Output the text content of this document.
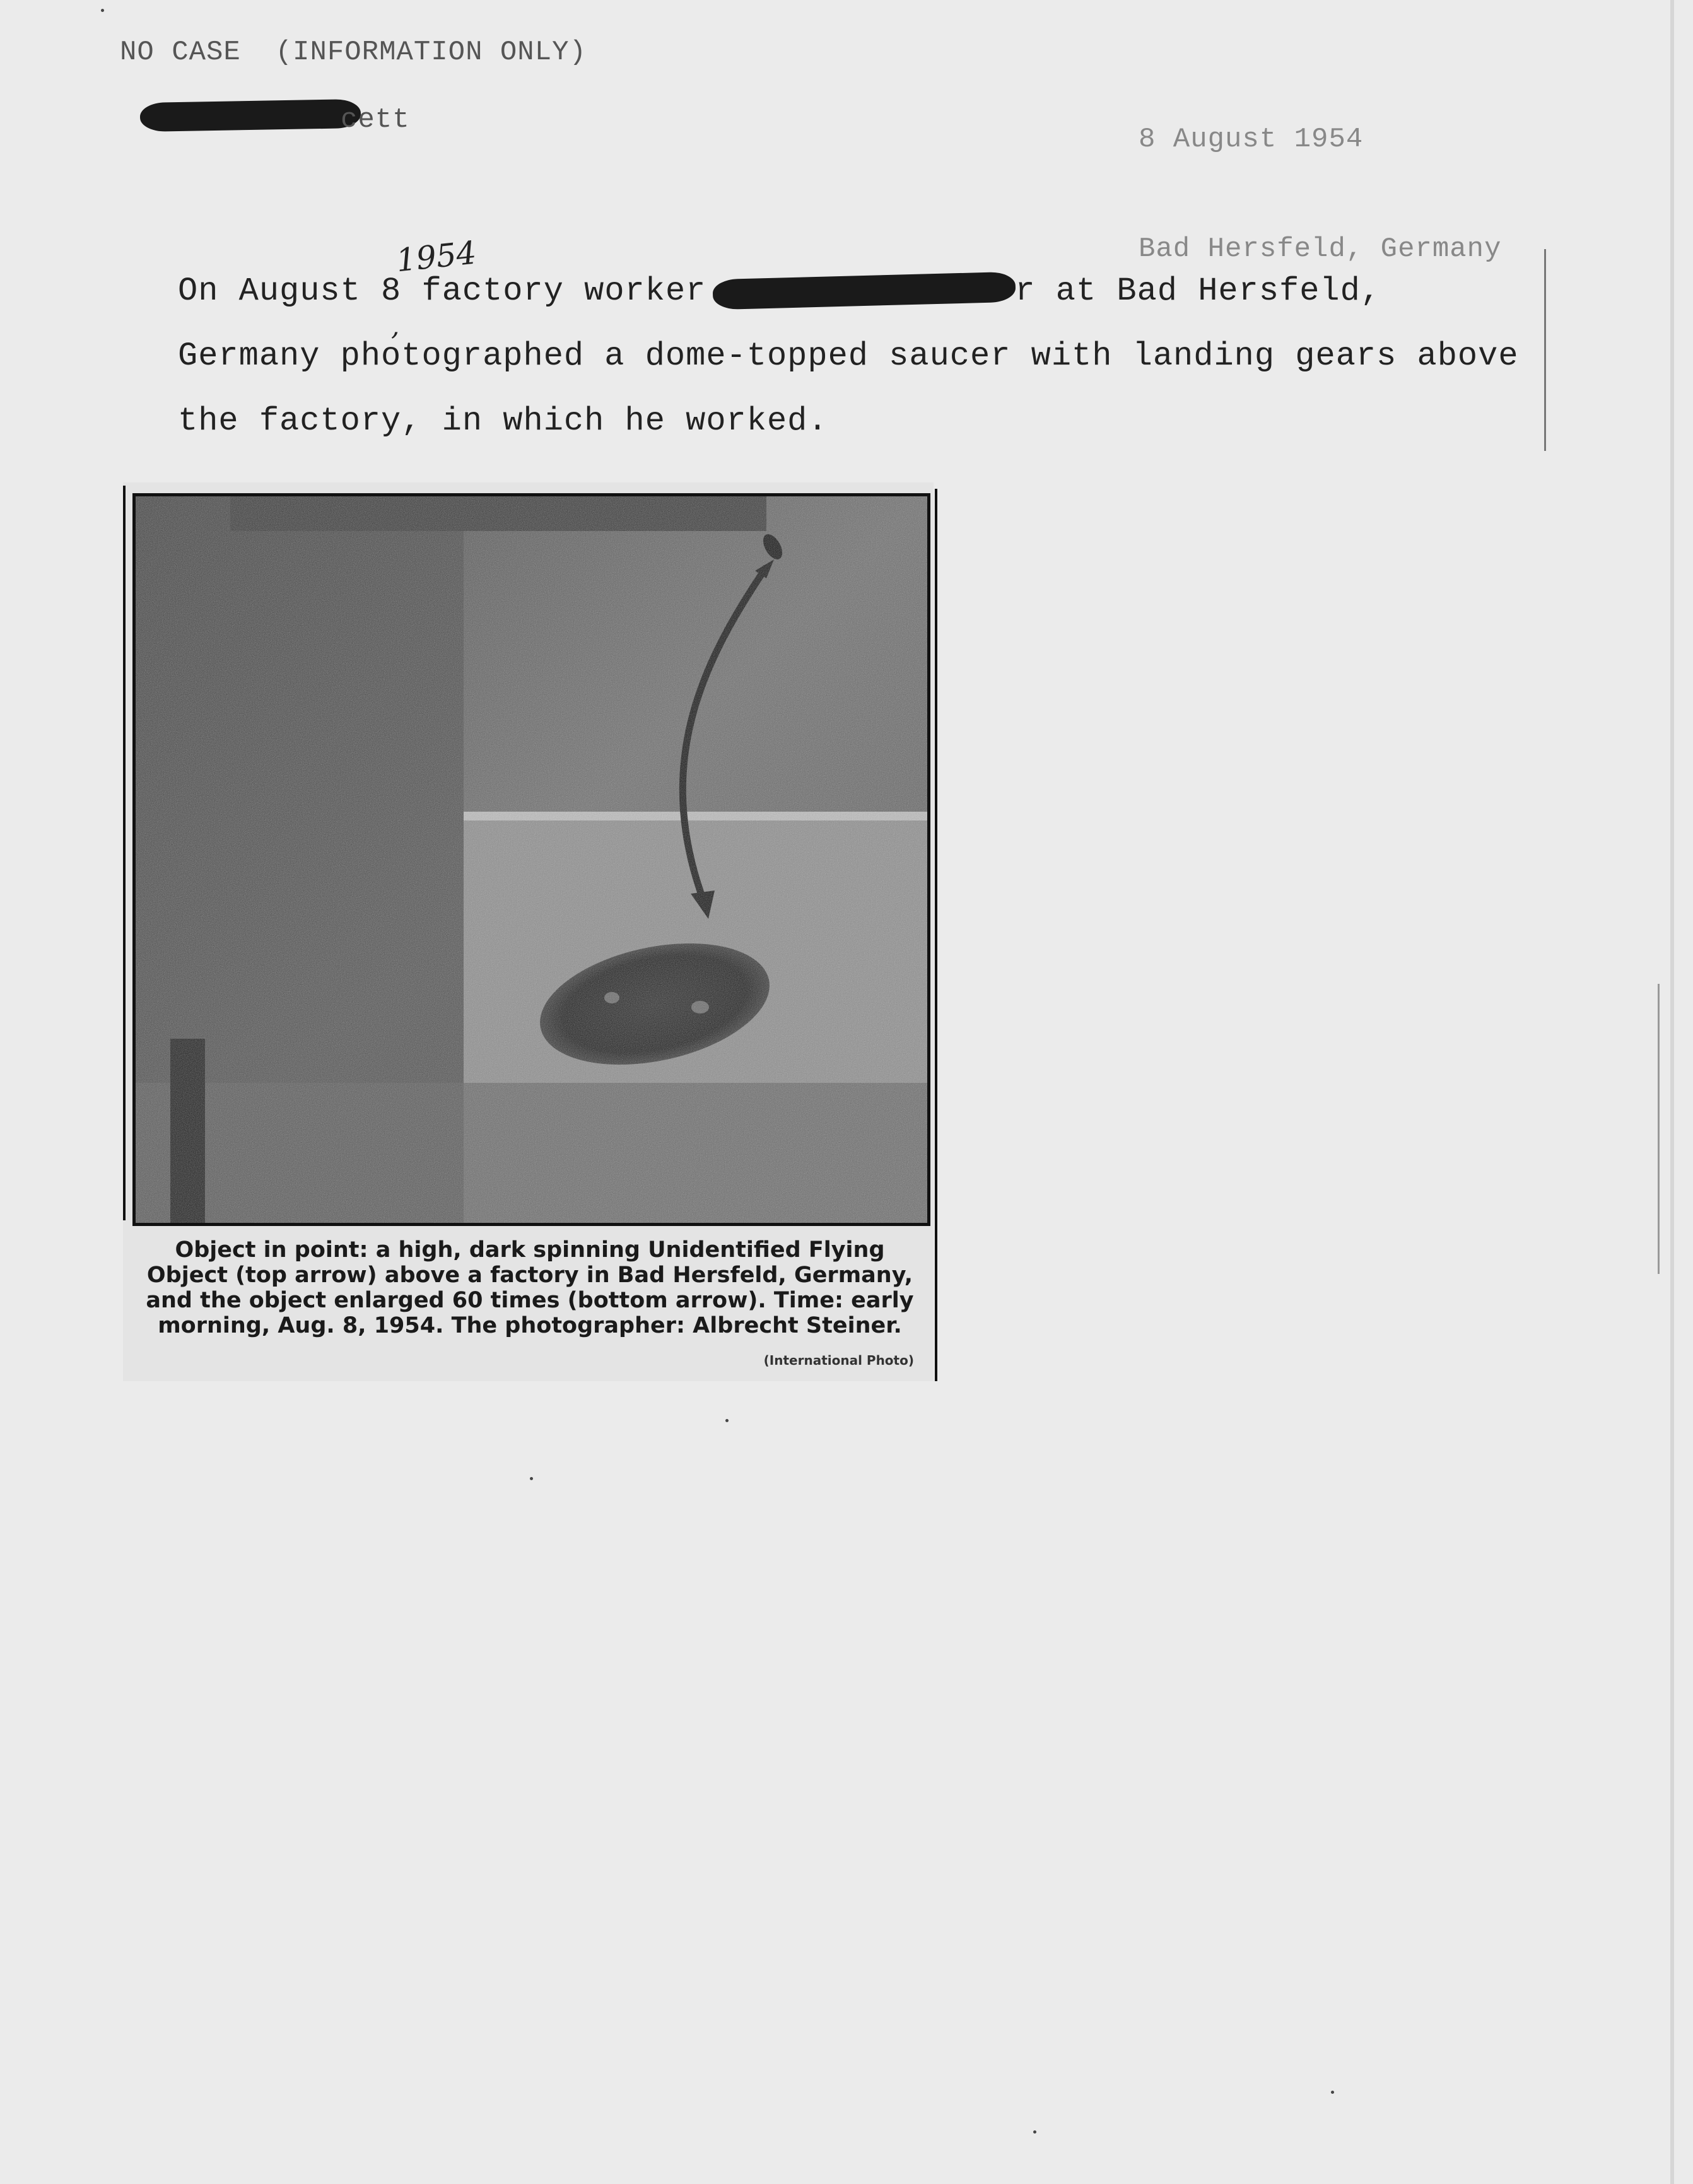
NO CASE  (INFORMATION ONLY)
cett

8 August 1954

Bad Hersfeld, Germany

1954
,
On August 8 factory worker	r at Bad Hersfeld,
Germany photographed a dome-topped saucer with landing gears above
the factory, in which he worked.
Object in point: a high, dark spinning Unidentified Flying Object (top arrow) above a factory in Bad Hersfeld, Germany, and the object enlarged 60 times (bottom arrow). Time: early morning, Aug. 8, 1954. The photographer: Albrecht Steiner.
(International Photo)
